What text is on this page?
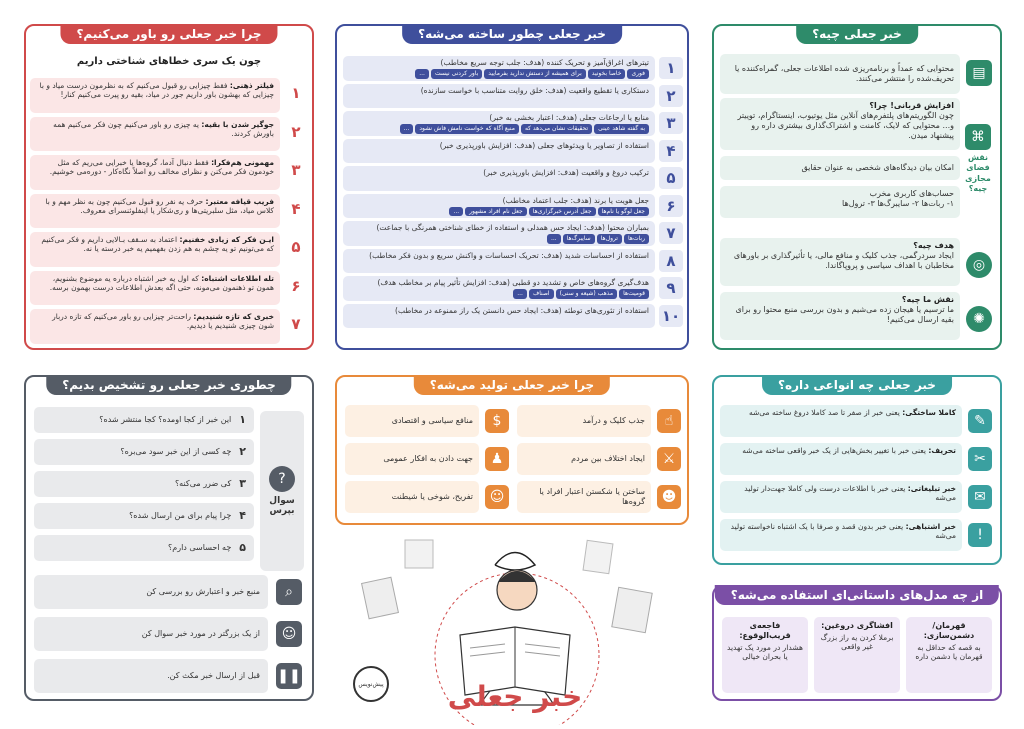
خبر جعلی چیه؟
▤
محتوایی که عمداً و برنامه‌ریزی شده اطلاعات جعلی، گمراه‌کننده یا تحریف‌شده را منتشر می‌کنند.
⌘
نقش فضای مجازی چیه؟
افزایش قربانی! چرا؟
چون الگوریتم‌های پلتفرم‌های آنلاین مثل یوتیوب، اینستاگرام، توییتر و... محتوایی که لایک، کامنت و اشتراک‌گذاری بیشتری داره رو پیشنهاد میدن.
امکان بیان دیدگاه‌های شخصی به عنوان حقایق
حساب‌های کاربری مخرب
۱- ربات‌ها ۲- سایبرگ‌ها ۳- ترول‌ها
◎
هدف چیه؟
ایجاد سردرگمی، جذب کلیک و منافع مالی، یا تأثیرگذاری بر باورهای مخاطبان با اهداف سیاسی و پروپاگاندا.
✺
نقش ما چیه؟
ما ترسیم یا هیجان زده می‌شیم و بدون بررسی منبع محتوا رو برای بقیه ارسال می‌کنیم!
خبر جعلی چطور ساخته می‌شه؟
۱
تیترهای اغراق‌آمیز و تحریک کننده (هدف: جلب توجه سریع مخاطب)
فوریخاصا بخونیدبرای همیشه از دستش ندارید بفرماییدباور کردنی نیست...
۲
دستکاری یا تقطیع واقعیت (هدف: خلق روایت متناسب با خواست سازنده)
۳
منابع یا ارجاعات جعلی (هدف: اعتبار بخشی به خبر)
به گفته شاهد عینیتحقیقات نشان می‌دهد کهمنبع آگاه که خواست نامش فاش نشود...
۴
استفاده از تصاویر یا ویدئوهای جعلی (هدف: افزایش باورپذیری خبر)
۵
ترکیب دروغ و واقعیت (هدف: افزایش باورپذیری خبر)
۶
جعل هویت یا برند (هدف: جلب اعتماد مخاطب)
جعل لوگو یا نام‌هاجعل آدرس خبرگزاری‌هاجعل نام افراد مشهور...
۷
بمباران محتوا (هدف: ایجاد حس همدلی و استفاده از خطای شناختی همرنگی با جماعت)
ربات‌هاترول‌هاسایبرگ‌ها...
۸
استفاده از احساسات شدید (هدف: تحریک احساسات و واکنش سریع و بدون فکر مخاطب)
۹
هدف‌گیری گروه‌های خاص و تشدید دو قطبی (هدف: افزایش تأثیر پیام بر مخاطب هدف)
قومیت‌هامذهب (شیعه و سنی)اصناف...
۱۰
استفاده از تئوری‌های توطئه (هدف: ایجاد حس دانستن یک راز ممنوعه در مخاطب)
چرا خبر جعلی رو باور می‌کنیم؟
چون یک سری خطاهای شناختی داریم
۱
فیلتر ذهنی: فقط چیزایی رو قبول می‌کنیم که به نظرمون درست میاد و با چیزایی که بهشون باور داریم جور در میاد، بقیه رو پیرت می‌کنیم کنار!
۲
جوگیر شدن با بقیه: یه چیزی رو باور می‌کنیم چون فکر می‌کنیم همه باورش کردند.
۳
مهمونی هم‌فکرا: فقط دنبال آدما، گروه‌ها یا خبرایی می‌ریم که مثل خودمون فکر می‌کنن و نظرای مخالف رو اصلاً نگاه‌کار - دوره‌می خوشیم.
۴
فریب قیافه معتبر: حرف یه نفر رو قبول می‌کنیم چون به نظر مهم و با کلاس میاد، مثل سلبریتی‌ها و ری‌شکار یا اینفلوئنسرای معروف.
۵
ایـن فکر که زیادی خفنیم: اعتماد به سـقف بـالایی داریم و فکر می‌کنیم که می‌تونیم تو یه چشم به هم زدن بفهمیم یه خبر درسته یا نه.
۶
تله اطلاعات اشتباه: که اول یه خبر اشتباه درباره یه موضوع بشنویم، همون تو ذهنمون می‌مونه، حتی اگه بعدش اطلاعات درست بهمون برسه.
۷
خبری که تازه شنیدیم: راحت‌تر چیزایی رو باور می‌کنیم که تازه دربار شون چیزی شنیدیم یا دیدیم.
چطوری خبر جعلی رو تشخیص بدیم؟
?
سوال بپرس
۱
این خبر از کجا اومده؟ کجا منتشر شده؟
۲
چه کسی از این خبر سود می‌بره؟
۳
کی ضرر می‌کنه؟
۴
چرا پیام برای من ارسال شده؟
۵
چه احساسی دارم؟
⌕
منبع خبر و اعتبارش رو بررسی کن
☺
از یک بزرگتر در مورد خبر سوال کن
❚❚
قبل از ارسال خبر مکث کن.
چرا خبر جعلی تولید می‌شه؟
☝
جذب کلیک و درآمد
$
منافع سیاسی و اقتصادی
⚔
ایجاد اختلاف بین مردم
♟
جهت دادن به افکار عمومی
☻
ساختن یا شکستن اعتبار افراد یا گروه‌ها
☺
تفریح، شوخی یا شیطنت
خبر جعلی
پیش‌نویس
خبر جعلی چه انواعی داره؟
✎
کاملا ساختگی: یعنی خبر از صفر تا صد کاملا دروغ ساخته می‌شه
✂
تحریف: یعنی خبر با تغییر بخش‌هایی از یک خبر واقعی ساخته می‌شه
✉
خبر تبلیغاتی: یعنی خبر با اطلاعات درست ولی کاملا جهت‌دار تولید می‌شه
!
خبر اشتباهی: یعنی خبر بدون قصد و صرفا با یک اشتباه ناخواسته تولید می‌شه
از چه مدل‌های داستانی‌ای استفاده می‌شه؟
قهرمان/ دشمن‌سازی:
به قصه که حداقل به قهرمان یا دشمن داره
افشاگری دروغین:
برملا کردن یه راز بزرگ غیر واقعی
فاجعه‌ی قریب‌الوقوع:
هشدار در مورد یک تهدید یا بحران خیالی
